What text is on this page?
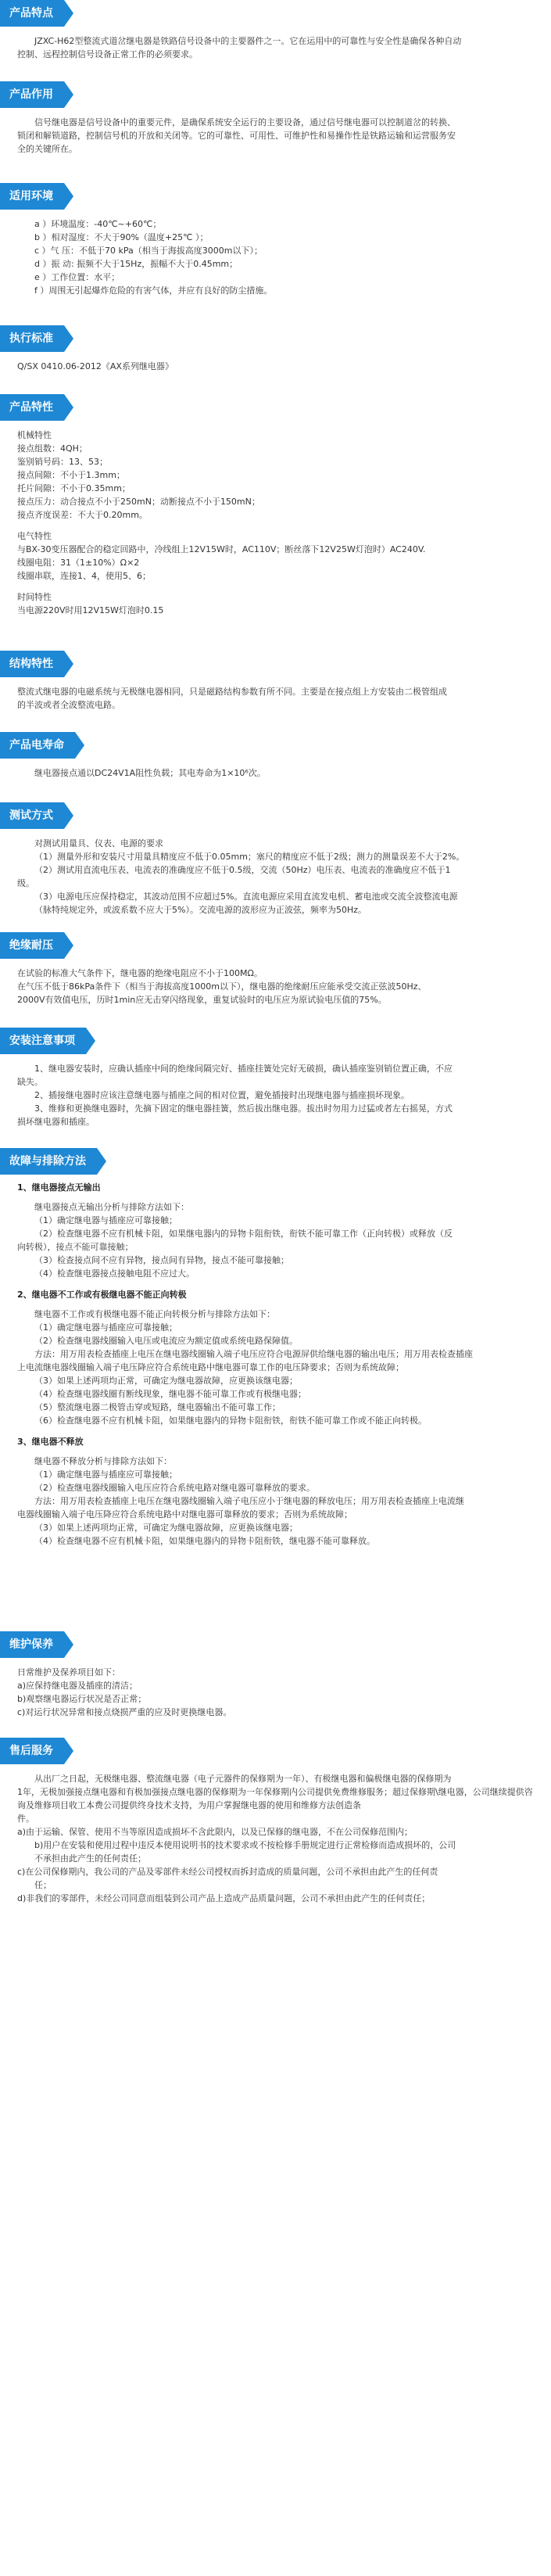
产品特点

JZXC-H62型整流式道岔继电器是铁路信号设备中的主要器件之一。它在运用中的可靠性与安全性是确保各种自动

控制、远程控制信号设备正常工作的必须要求。

产品作用

信号继电器是信号设备中的重要元件，是确保系统安全运行的主要设备，通过信号继电器可以控制道岔的转换、

锁闭和解锁道路，控制信号机的开放和关闭等。它的可靠性、可用性、可维护性和易操作性是铁路运输和运营服务安

全的关键所在。

适用环境

a ）环境温度：-40℃~+60℃；

b ）相对湿度：不大于90%（温度+25℃ ）；

c ）气 压：不低于70 kPa（相当于海拔高度3000m以下）；

d ）振 动: 振频不大于15Hz，振幅不大于0.45mm；

e ）工作位置：水平；

f ）周围无引起爆炸危险的有害气体，并应有良好的防尘措施。

执行标准

Q/SX 0410.06-2012《AX系列继电器》

产品特性

机械特性

接点组数：4QH；

鉴别销号码：13、53；

接点间隙：不小于1.3mm；

托片间隙：不小于0.35mm；

接点压力：动合接点不小于250mN；动断接点不小于150mN；

接点齐度误差：不大于0.20mm。

电气特性

与BX-30变压器配合的稳定回路中，冷线组上12V15W时，AC110V；断丝落下12V25W灯泡时）AC240V.

线圈电阻：31（1±10%）Ω×2

线圈串联，连接1、4，使用5、6；

时间特性

当电源220V时用12V15W灯泡时0.15

结构特性

整流式继电器的电磁系统与无极继电器相同，只是磁路结构参数有所不同。主要是在接点组上方安装由二极管组成

的半波或者全波整流电路。

产品电寿命

继电器接点通以DC24V1A阻性负载；其电寿命为1×10⁶次。

测试方式

对测试用量具、仪表、电源的要求

（1）测量外形和安装尺寸用量具精度应不低于0.05mm；塞尺的精度应不低于2级；测力的测量误差不大于2%。

（2）测试用直流电压表、电流表的准确度应不低于0.5级，交流（50Hz）电压表、电流表的准确度应不低于1

级。

（3）电源电压应保持稳定，其波动范围不应超过5%。直流电源应采用直流发电机、蓄电池或交流全波整流电源

（脉特纯规定外，或波系数不应大于5%）。交流电源的波形应为正波弦，频率为50Hz。

绝缘耐压

在试验的标准大气条件下，继电器的绝缘电阻应不小于100MΩ。

在气压不低于86kPa条件下（相当于海拔高度1000m以下），继电器的绝缘耐压应能承受交流正弦波50Hz、

2000V有效值电压，历时1min应无击穿闪络现象，重复试验时的电压应为原试验电压值的75%。

安装注意事项

1、继电器安装时，应确认插座中间的绝缘间隔完好、插座挂簧处完好无破损，确认插座鉴别销位置正确，不应

缺失。

2、插接继电器时应该注意继电器与插座之间的相对位置，避免插接时出现继电器与插座损坏现象。

3、维修和更换继电器时，先摘下固定的继电器挂簧，然后拔出继电器。拔出时勿用力过猛或者左右摇晃，方式

损坏继电器和插座。

故障与排除方法

1、继电器接点无输出

继电器接点无输出分析与排除方法如下：

（1）确定继电器与插座应可靠接触；

（2）检查继电器不应有机械卡阻，如果继电器内的异物卡阻衔铁，衔铁不能可靠工作（正向转极）或释放（反

向转极），接点不能可靠接触；

（3）检查接点间不应有异物，接点间有异物，接点不能可靠接触；

（4）检查继电器接点接触电阻不应过大。

2、继电器不工作或有极继电器不能正向转极

继电器不工作或有极继电器不能正向转极分析与排除方法如下：

（1）确定继电器与插座应可靠接触；

（2）检查继电器线圈输入电压或电流应为额定值或系统电路保障值。

方法：用万用表检查插座上电压在继电器线圈输入端子电压应符合电源屏供给继电器的输出电压；用万用表检查插座

上电流继电器线圈输入端子电压降应符合系统电路中继电器可靠工作的电压降要求；否则为系统故障；

（3）如果上述两项均正常，可确定为继电器故障，应更换该继电器；

（4）检查继电器线圈有断线现象，继电器不能可靠工作或有极继电器；

（5）整流继电器二极管击穿或短路，继电器输出不能可靠工作；

（6）检查继电器不应有机械卡阻，如果继电器内的异物卡阻衔铁，衔铁不能可靠工作或不能正向转极。

3、继电器不释放

继电器不释放分析与排除方法如下：

（1）确定继电器与插座应可靠接触；

（2）检查继电器线圈输入电压应符合系统电路对继电器可靠释放的要求。

方法：用万用表检查插座上电压在继电器线圈输入端子电压应小于继电器的释放电压；用万用表检查插座上电流继

电器线圈输入端子电压降应符合系统电路中对继电器可靠释放的要求；否则为系统故障；

（3）如果上述两项均正常，可确定为继电器故障，应更换该继电器；

（4）检查继电器不应有机械卡阻，如果继电器内的异物卡阻衔铁，继电器不能可靠释放。

维护保养

日常维护及保养项目如下：

a)应保持继电器及插座的清洁；

b)观察继电器运行状况是否正常；

c)对运行状况异常和接点烧损严重的应及时更换继电器。

售后服务

从出厂之日起，无极继电器、整流继电器（电子元器件的保修期为一年）、有极继电器和偏极继电器的保修期为

1年，无极加强接点继电器和有极加强接点继电器的保修期为一年保修期内公司提供免费维修服务；超过保修期\继电器，公司继续提供咨询及维修项目收工本费公司提供终身技术支持，为用户掌握继电器的使用和维修方法创造条

件。

a)由于运输、保管、使用不当等原因造成损坏不含此限内，以及已保修的继电器，不在公司保修范围内；

b)用户在安装和使用过程中违反本使用说明书的技术要求或不按检修手册规定进行正常检修而造成损坏的，公司

不承担由此产生的任何责任；

c)在公司保修期内，我公司的产品及零部件未经公司授权而拆封造成的质量问题，公司不承担由此产生的任何责

任；

d)非我们的零部件，未经公司同意而组装到公司产品上造成产品质量问题，公司不承担由此产生的任何责任；
